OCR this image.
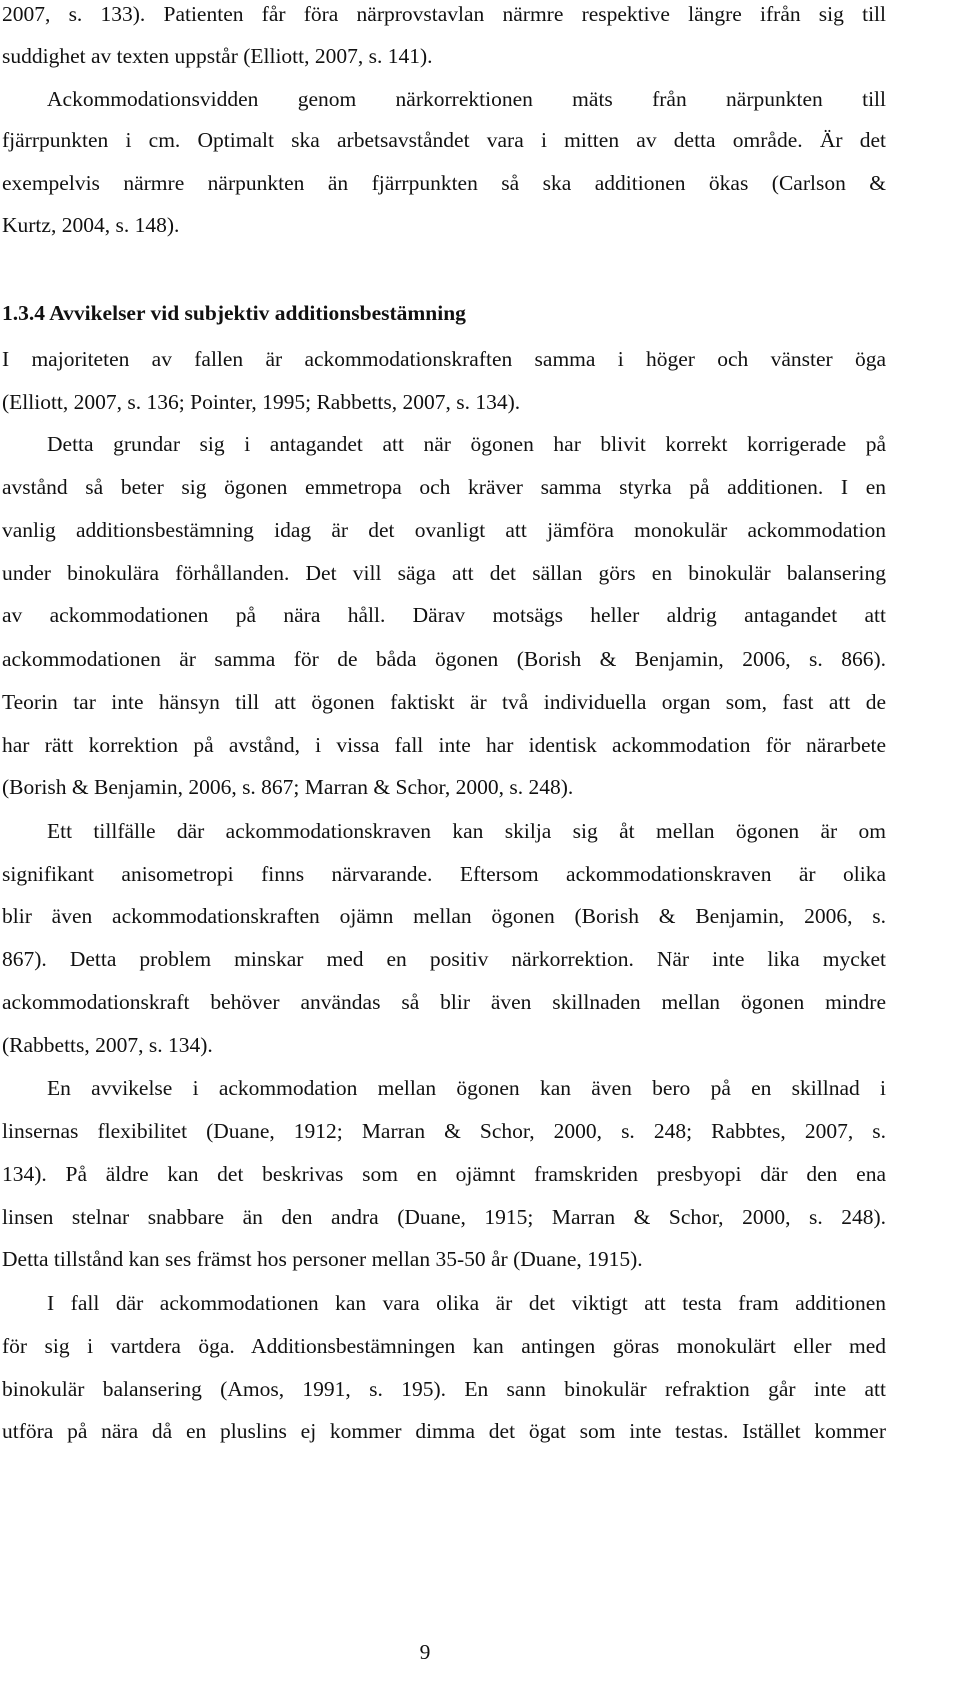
2007, s. 133). Patienten får föra närprovstavlan närmre respektive längre ifrån sig till
suddighet av texten uppstår (Elliott, 2007, s. 141).
Ackommodationsvidden genom närkorrektionen mäts från närpunkten till
fjärrpunkten i cm. Optimalt ska arbetsavståndet vara i mitten av detta område. Är det
exempelvis närmre närpunkten än fjärrpunkten så ska additionen ökas (Carlson &
Kurtz, 2004, s. 148).
1.3.4 Avvikelser vid subjektiv additionsbestämning
I majoriteten av fallen är ackommodationskraften samma i höger och vänster öga
(Elliott, 2007, s. 136; Pointer, 1995; Rabbetts, 2007, s. 134).
Detta grundar sig i antagandet att när ögonen har blivit korrekt korrigerade på
avstånd så beter sig ögonen emmetropa och kräver samma styrka på additionen. I en
vanlig additionsbestämning idag är det ovanligt att jämföra monokulär ackommodation
under binokulära förhållanden. Det vill säga att det sällan görs en binokulär balansering
av ackommodationen på nära håll. Därav motsägs heller aldrig antagandet att
ackommodationen är samma för de båda ögonen (Borish & Benjamin, 2006, s. 866).
Teorin tar inte hänsyn till att ögonen faktiskt är två individuella organ som, fast att de
har rätt korrektion på avstånd, i vissa fall inte har identisk ackommodation för närarbete
(Borish & Benjamin, 2006, s. 867; Marran & Schor, 2000, s. 248).
Ett tillfälle där ackommodationskraven kan skilja sig åt mellan ögonen är om
signifikant anisometropi finns närvarande. Eftersom ackommodationskraven är olika
blir även ackommodationskraften ojämn mellan ögonen (Borish & Benjamin, 2006, s.
867). Detta problem minskar med en positiv närkorrektion. När inte lika mycket
ackommodationskraft behöver användas så blir även skillnaden mellan ögonen mindre
(Rabbetts, 2007, s. 134).
En avvikelse i ackommodation mellan ögonen kan även bero på en skillnad i
linsernas flexibilitet (Duane, 1912; Marran & Schor, 2000, s. 248; Rabbtes, 2007, s.
134). På äldre kan det beskrivas som en ojämnt framskriden presbyopi där den ena
linsen stelnar snabbare än den andra (Duane, 1915; Marran & Schor, 2000, s. 248).
Detta tillstånd kan ses främst hos personer mellan 35-50 år (Duane, 1915).
I fall där ackommodationen kan vara olika är det viktigt att testa fram additionen
för sig i vartdera öga. Additionsbestämningen kan antingen göras monokulärt eller med
binokulär balansering (Amos, 1991, s. 195). En sann binokulär refraktion går inte att
utföra på nära då en pluslins ej kommer dimma det ögat som inte testas. Istället kommer
9
